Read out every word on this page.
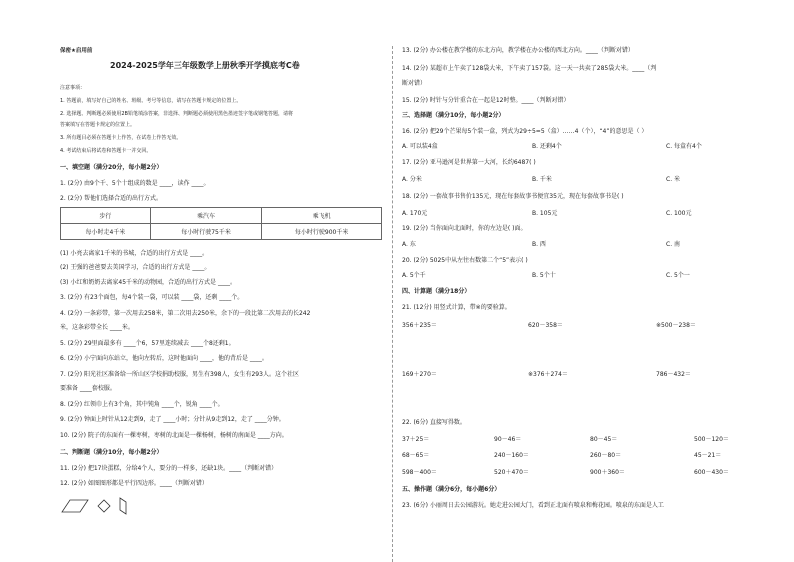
保密★启用前
2024-2025学年三年级数学上册秋季开学摸底考C卷
注意事项：
1. 答题前，填写好自己的姓名、班级、考号等信息，请写在答题卡规定的位置上。
2. 选择题、判断题必须使用2B铅笔填涂答案，非选择、判断题必须使用黑色墨迹签字笔或钢笔答题，请将
答案填写在答题卡规定的位置上。
3. 所有题目必须在答题卡上作答，在试卷上作答无效。
4. 考试结束后将试卷和答题卡一并交回。
一、填空题（满分20分，每小题2分）
1. (2分) 由9个千、5个十组成的数是 ____，读作 ____。
2. (2分) 帮他们选择合适的出行方式。
步行	乘汽车	乘飞机
每小时走4千米	每小时行驶75千米	每小时行驶900千米
(1) 小亮去离家1千米的书城，合适的出行方式是 ____。
(2) 王强的爸爸要去美国学习，合适的出行方式是 ____。
(3) 小红和奶奶去离家45千米的动物园，合适的出行方式是 ____。
3. (2分) 有23个面包，每4个装一袋，可以装 ____袋，还剩 ____个。
4. (2分) 一条彩带，第一次用去258米，第二次用去250米，余下的一段比第二次用去的长242
米，这条彩带全长 ____米。
5. (2分) 29里面最多有 ____个6，57里连续减去 ____个8还剩1。
6. (2分) 小宁面向东站立，他向左转后，这时他面向 ____，他的背后是 ____。
7. (2分) 阳光社区准备给一所山区学校捐助校服，男生有398人，女生有293人。这个社区
要准备 ____套校服。
8. (2分) 红领巾上有3个角，其中钝角 ____个，锐角 ____个。
9. (2分) 钟面上时针从12走到9，走了 ____小时；分针从9走到12，走了 ____分钟。
10. (2分) 院子的东面有一棵枣树，枣树的北面是一棵杨树，杨树的南面是 ____方向。
二、判断题（满分10分，每小题2分）
11. (2分) 把17块蛋糕，分给4个人，要分的一样多，还缺1块。____（判断对错）
12. (2分) 如图图形都是平行四边形。____（判断对错）
13. (2分) 办公楼在教学楼的东北方向，教学楼在办公楼的西北方向。____（判断对错）
14. (2分) 某超市上午卖了128袋大米，下午卖了157袋。这一天一共卖了285袋大米。____（判
断对错）
15. (2分) 时针与分针重合在一起是12时整。____（判断对错）
三、选择题（满分10分，每小题2分）
16. (2分) 把29个芒果每5个装一盒，列式为29÷5=5（盒）……4（个），“4”的意思是（ ）
A. 可以装4盒	B. 还剩4个	C. 每盒有4个
17. (2分) 亚马逊河是世界第一大河，长约6487( )
A. 分米	B. 千米	C. 米
18. (2分) 一套故事书售价135元，现在每套故事书便宜35元，现在每套故事书是( )
A. 170元	B. 105元	C. 100元
19. (2分) 当你面向北面时，你的左边是( )面。
A. 东	B. 西	C. 南
20. (2分) 5025中从左往右数第二个“5”表示( )
A. 5个千	B. 5个十	C. 5个一
四、计算题（满分18分）
21. (12分) 用竖式计算，带※的要验算。
356＋235＝	620－358＝	※500－238＝
169＋270＝	※376＋274＝	786－432＝
22. (6分) 直接写得数。
37＋25＝	90－46＝	80－45＝	500－120＝
68－65＝	240－160＝	260－80＝	45－21＝
598－400＝	520＋470＝	900＋360＝	600－430＝
五、操作题（满分6分，每小题6分）
23. (6分) 小丽周日去公园游玩。她走进公园大门，看到正北面有喷泉和梅花园。喷泉的东面是人工
